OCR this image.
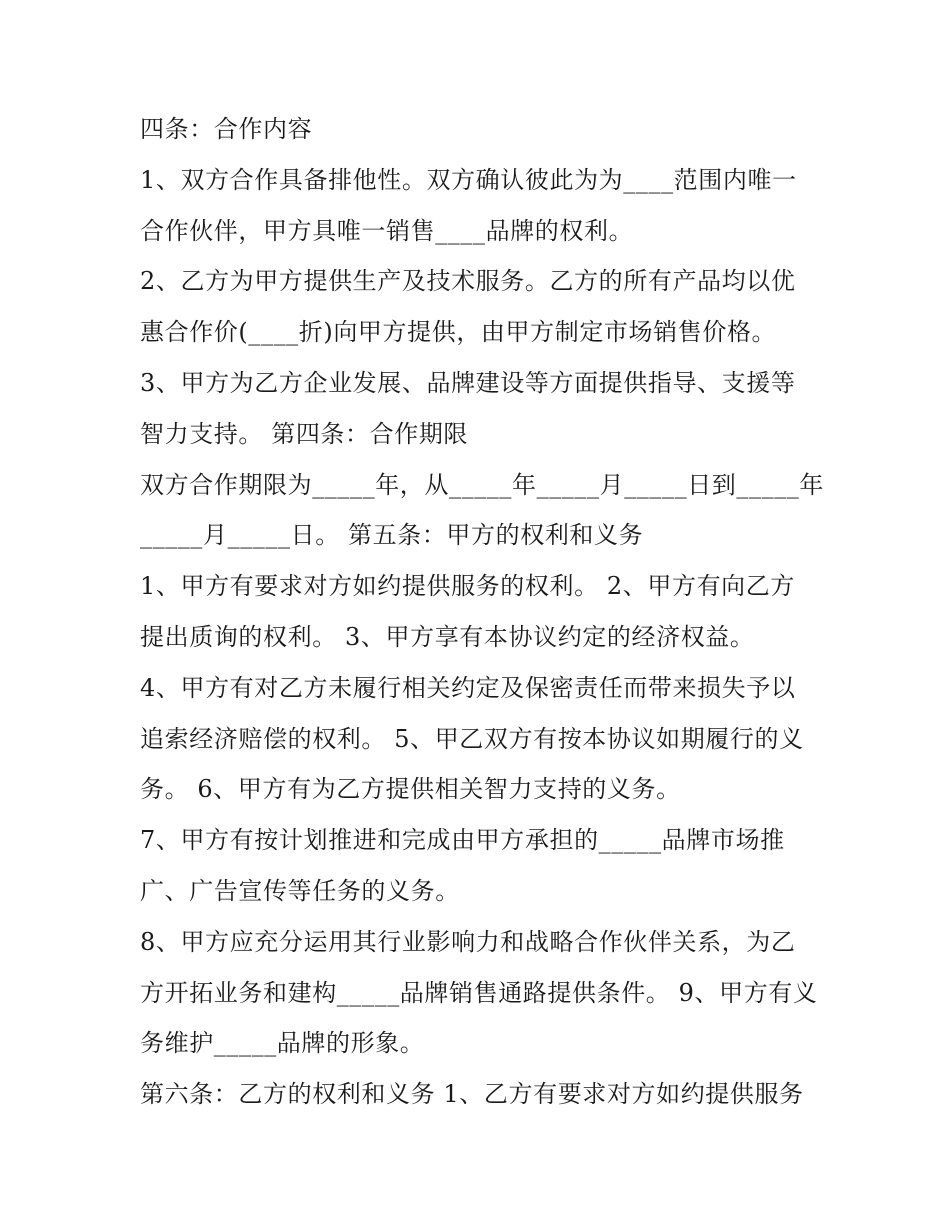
四条：合作内容
1、双方合作具备排他性。双方确认彼此为为____范围内唯一
合作伙伴，甲方具唯一销售____品牌的权利。
2、乙方为甲方提供生产及技术服务。乙方的所有产品均以优
惠合作价(____折)向甲方提供，由甲方制定市场销售价格。
3、甲方为乙方企业发展、品牌建设等方面提供指导、支援等
智力支持。 第四条：合作期限
双方合作期限为_____年，从_____年_____月_____日到_____年
_____月_____日。 第五条：甲方的权利和义务
1、甲方有要求对方如约提供服务的权利。 2、甲方有向乙方
提出质询的权利。 3、甲方享有本协议约定的经济权益。
4、甲方有对乙方未履行相关约定及保密责任而带来损失予以
追索经济赔偿的权利。 5、甲乙双方有按本协议如期履行的义
务。 6、甲方有为乙方提供相关智力支持的义务。
7、甲方有按计划推进和完成由甲方承担的_____品牌市场推
广、广告宣传等任务的义务。
8、甲方应充分运用其行业影响力和战略合作伙伴关系，为乙
方开拓业务和建构_____品牌销售通路提供条件。 9、甲方有义
务维护_____品牌的形象。
第六条：乙方的权利和义务 1、乙方有要求对方如约提供服务
